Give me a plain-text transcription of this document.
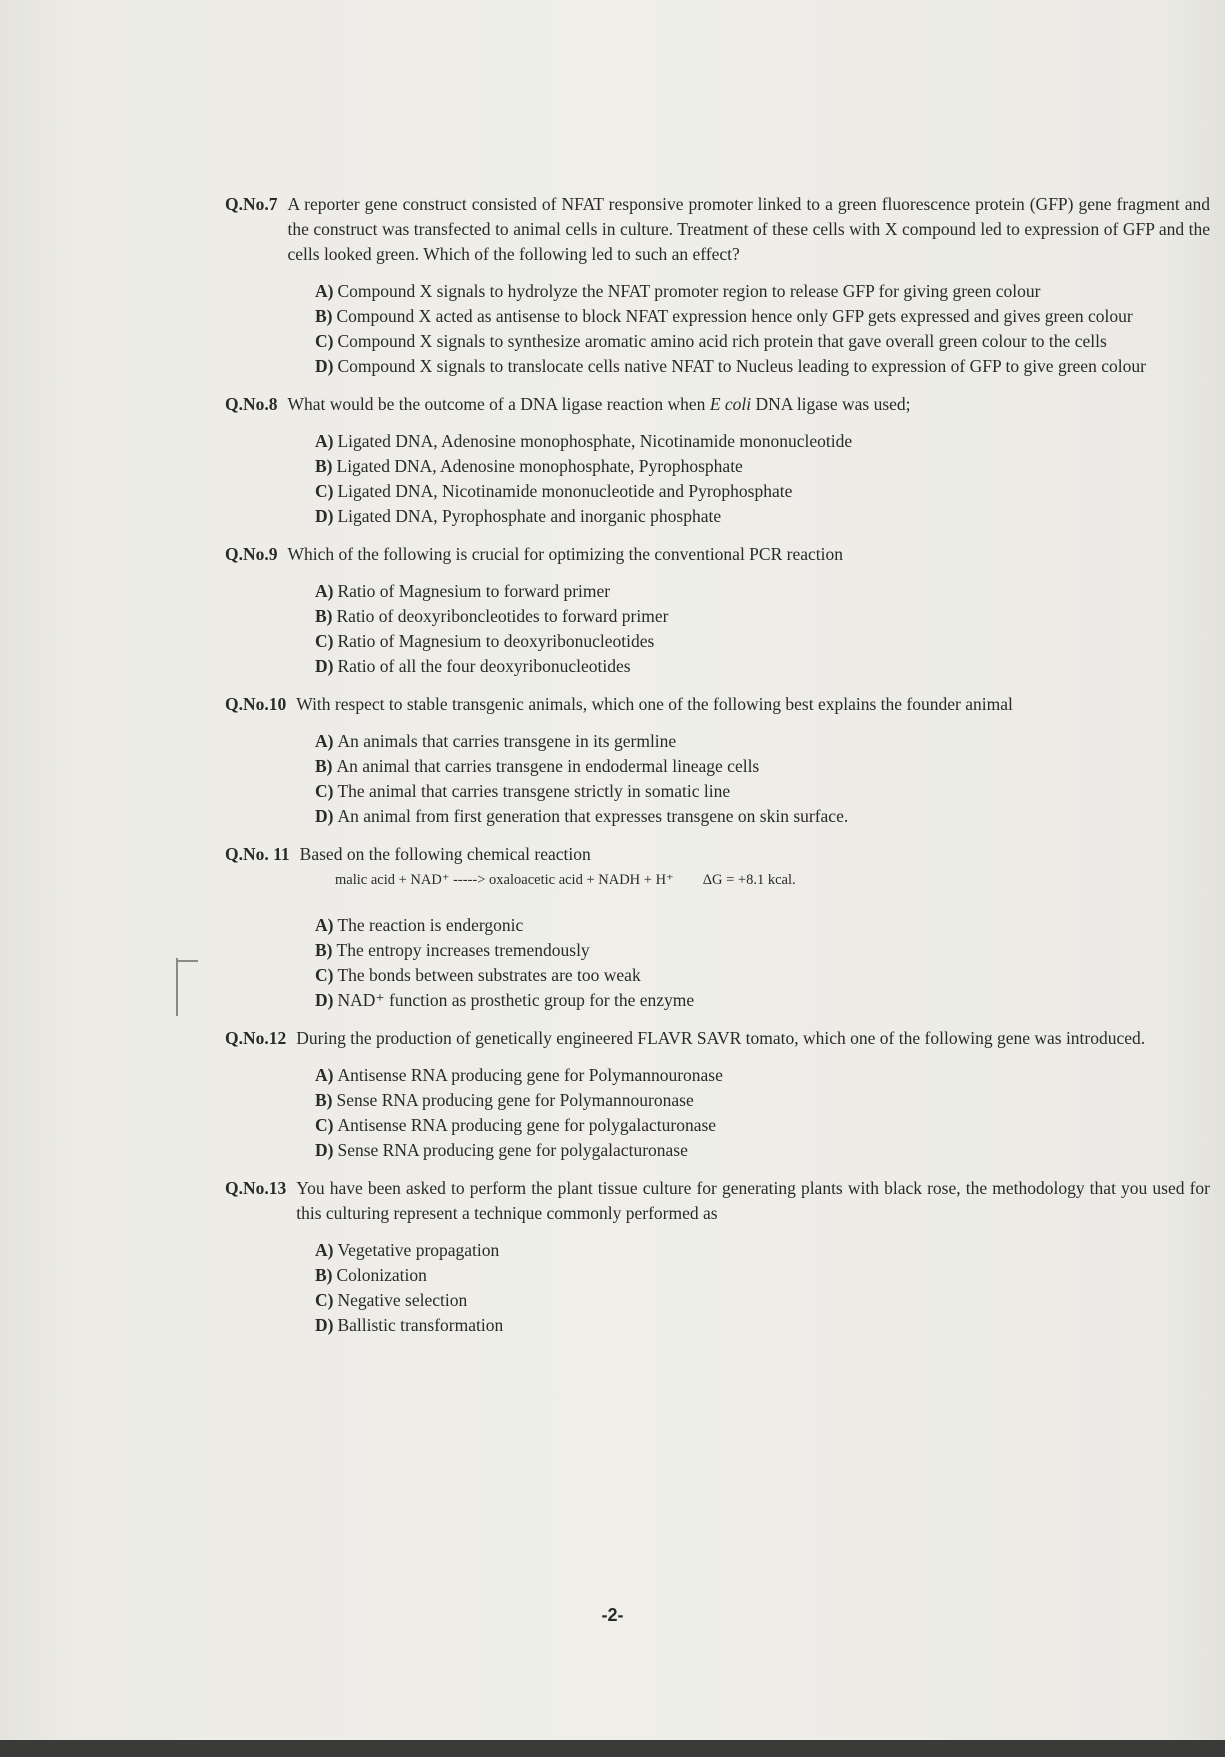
Q.No.7 A reporter gene construct consisted of NFAT responsive promoter linked to a green fluorescence protein (GFP) gene fragment and the construct was transfected to animal cells in culture. Treatment of these cells with X compound led to expression of GFP and the cells looked green. Which of the following led to such an effect?
A) Compound X signals to hydrolyze the NFAT promoter region to release GFP for giving green colour
B) Compound X acted as antisense to block NFAT expression hence only GFP gets expressed and gives green colour
C) Compound X signals to synthesize aromatic amino acid rich protein that gave overall green colour to the cells
D) Compound X signals to translocate cells native NFAT to Nucleus leading to expression of GFP to give green colour
Q.No.8 What would be the outcome of a DNA ligase reaction when E coli DNA ligase was used;
A) Ligated DNA, Adenosine monophosphate, Nicotinamide mononucleotide
B) Ligated DNA, Adenosine monophosphate, Pyrophosphate
C) Ligated DNA, Nicotinamide mononucleotide and Pyrophosphate
D) Ligated DNA, Pyrophosphate and inorganic phosphate
Q.No.9 Which of the following is crucial for optimizing the conventional PCR reaction
A) Ratio of Magnesium to forward primer
B) Ratio of deoxyriboncleotides to forward primer
C) Ratio of Magnesium to deoxyribonucleotides
D) Ratio of all the four deoxyribonucleotides
Q.No.10 With respect to stable transgenic animals, which one of the following best explains the founder animal
A) An animals that carries transgene in its germline
B) An animal that carries transgene in endodermal lineage cells
C) The animal that carries transgene strictly in somatic line
D) An animal from first generation that expresses transgene on skin surface.
Q.No. 11 Based on the following chemical reaction
malic acid + NAD⁺ -----> oxaloacetic acid + NADH + H⁺        ΔG = +8.1 kcal.
A) The reaction is endergonic
B) The entropy increases tremendously
C) The bonds between substrates are too weak
D) NAD⁺ function as prosthetic group for the enzyme
Q.No.12 During the production of genetically engineered FLAVR SAVR tomato, which one of the following gene was introduced.
A) Antisense RNA producing gene for Polymannouronase
B) Sense RNA producing gene for Polymannouronase
C) Antisense RNA producing gene for polygalacturonase
D) Sense RNA producing gene for polygalacturonase
Q.No.13 You have been asked to perform the plant tissue culture for generating plants with black rose, the methodology that you used for this culturing represent a technique commonly performed as
A) Vegetative propagation
B) Colonization
C) Negative selection
D) Ballistic transformation
-2-
